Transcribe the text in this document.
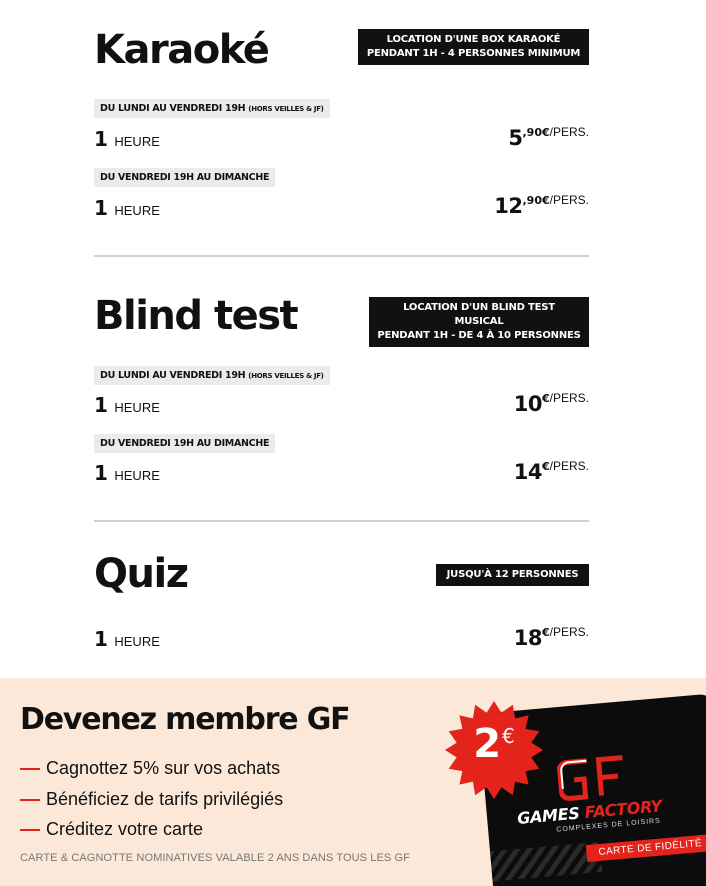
Karaoké	LOCATION D'UNE BOX KARAOKÉ
PENDANT 1H - 4 PERSONNES MINIMUM
DU LUNDI AU VENDREDI 19H (HORS VEILLES & JF)
1 HEURE	$5^{,90€/PERS.}$
DU VENDREDI 19H AU DIMANCHE
1 HEURE	$12^{,90€/PERS.}$
Blind test	LOCATION D'UN BLIND TEST MUSICAL
PENDANT 1H - DE 4 À 10 PERSONNES
DU LUNDI AU VENDREDI 19H (HORS VEILLES & JF)
1 HEURE	$10^{€/PERS.}$
DU VENDREDI 19H AU DIMANCHE
1 HEURE	$14^{€/PERS.}$
Quiz	JUSQU'À 12 PERSONNES
1 HEURE	$18^{€/PERS.}$
Devenez membre GF
Cagnottez 5% sur vos achats
Bénéficiez de tarifs privilégiés
Créditez votre carte
CARTE & CAGNOTTE NOMINATIVES VALABLE 2 ANS DANS TOUS LES GF
GAMES FACTORY
COMPLEXES DE LOISIRS
CARTE DE FIDÉLITÉ
2€
